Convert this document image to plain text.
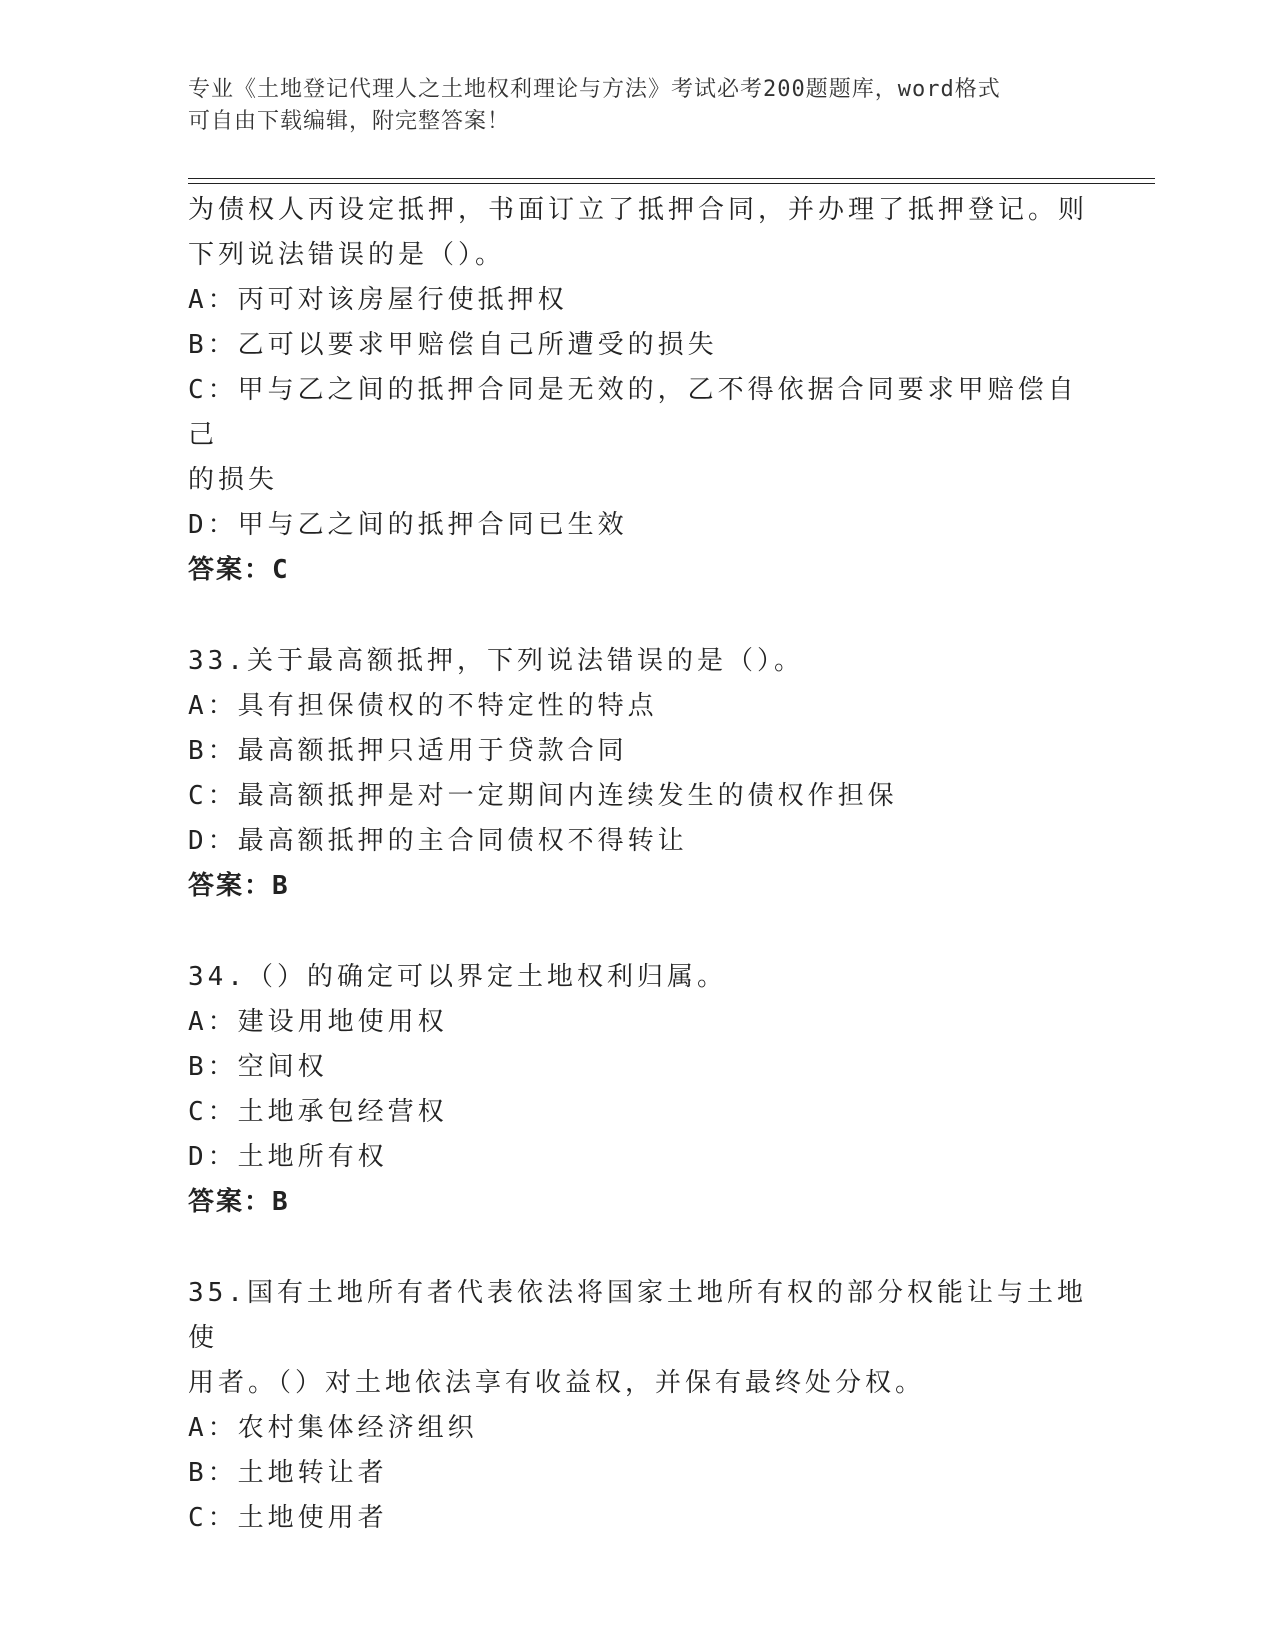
专业《土地登记代理人之土地权利理论与方法》考试必考200题题库，word格式
可自由下载编辑，附完整答案！

为债权人丙设定抵押，书面订立了抵押合同，并办理了抵押登记。则

下列说法错误的是（）。

A：丙可对该房屋行使抵押权

B：乙可以要求甲赔偿自己所遭受的损失

C：甲与乙之间的抵押合同是无效的，乙不得依据合同要求甲赔偿自己

的损失

D：甲与乙之间的抵押合同已生效

答案：C

33.关于最高额抵押，下列说法错误的是（）。

A：具有担保债权的不特定性的特点

B：最高额抵押只适用于贷款合同

C：最高额抵押是对一定期间内连续发生的债权作担保

D：最高额抵押的主合同债权不得转让

答案：B

34.（）的确定可以界定土地权利归属。

A：建设用地使用权

B：空间权

C：土地承包经营权

D：土地所有权

答案：B

35.国有土地所有者代表依法将国家土地所有权的部分权能让与土地使

用者。（）对土地依法享有收益权，并保有最终处分权。

A：农村集体经济组织

B：土地转让者

C：土地使用者
